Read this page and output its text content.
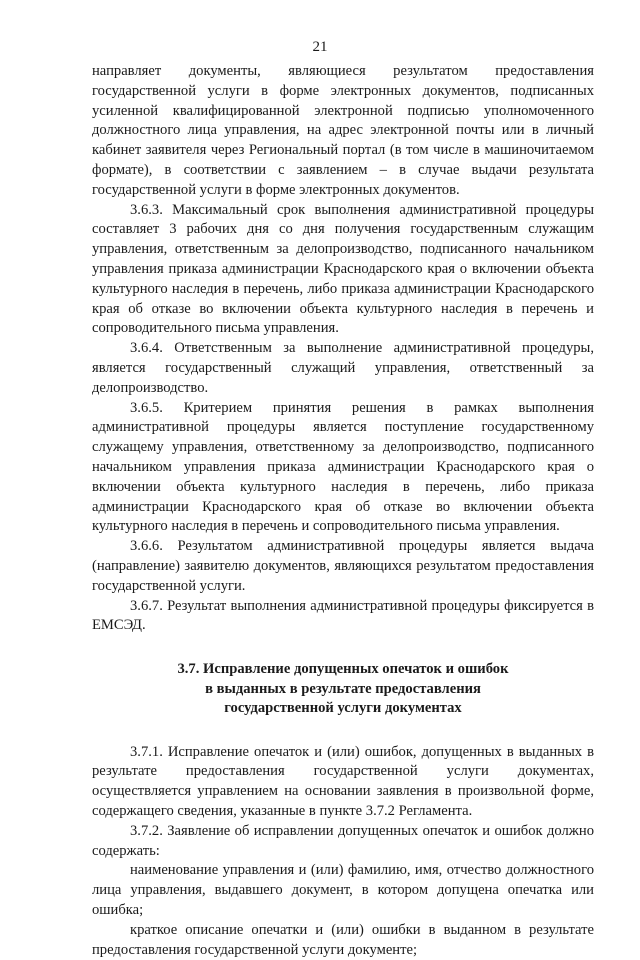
21

направляет документы, являющиеся результатом предоставления государственной услуги в форме электронных документов, подписанных усиленной квалифицированной электронной подписью уполномоченного должностного лица управления, на адрес электронной почты или в личный кабинет заявителя через Региональный портал (в том числе в машиночитаемом формате), в соответствии с заявлением – в случае выдачи результата государственной услуги в форме электронных документов.

3.6.3. Максимальный срок выполнения административной процедуры составляет 3 рабочих дня со дня получения государственным служащим управления, ответственным за делопроизводство, подписанного начальником управления приказа администрации Краснодарского края о включении объекта культурного наследия в перечень, либо приказа администрации Краснодарского края об отказе во включении объекта культурного наследия в перечень и сопроводительного письма управления.

3.6.4. Ответственным за выполнение административной процедуры, является государственный служащий управления, ответственный за делопроизводство.

3.6.5. Критерием принятия решения в рамках выполнения административной процедуры является поступление государственному служащему управления, ответственному за делопроизводство, подписанного начальником управления приказа администрации Краснодарского края о включении объекта культурного наследия в перечень, либо приказа администрации Краснодарского края об отказе во включении объекта культурного наследия в перечень и сопроводительного письма управления.

3.6.6. Результатом административной процедуры является выдача (направление) заявителю документов, являющихся результатом предоставления государственной услуги.

3.6.7. Результат выполнения административной процедуры фиксируется в ЕМСЭД.

3.7. Исправление допущенных опечаток и ошибок
в выданных в результате предоставления
государственной услуги документах

3.7.1. Исправление опечаток и (или) ошибок, допущенных в выданных в результате предоставления государственной услуги документах, осуществляется управлением на основании заявления в произвольной форме, содержащего сведения, указанные в пункте 3.7.2 Регламента.

3.7.2. Заявление об исправлении допущенных опечаток и ошибок должно содержать:

наименование управления и (или) фамилию, имя, отчество должностного лица управления, выдавшего документ, в котором допущена опечатка или ошибка;

краткое описание опечатки и (или) ошибки в выданном в результате предоставления государственной услуги документе;
